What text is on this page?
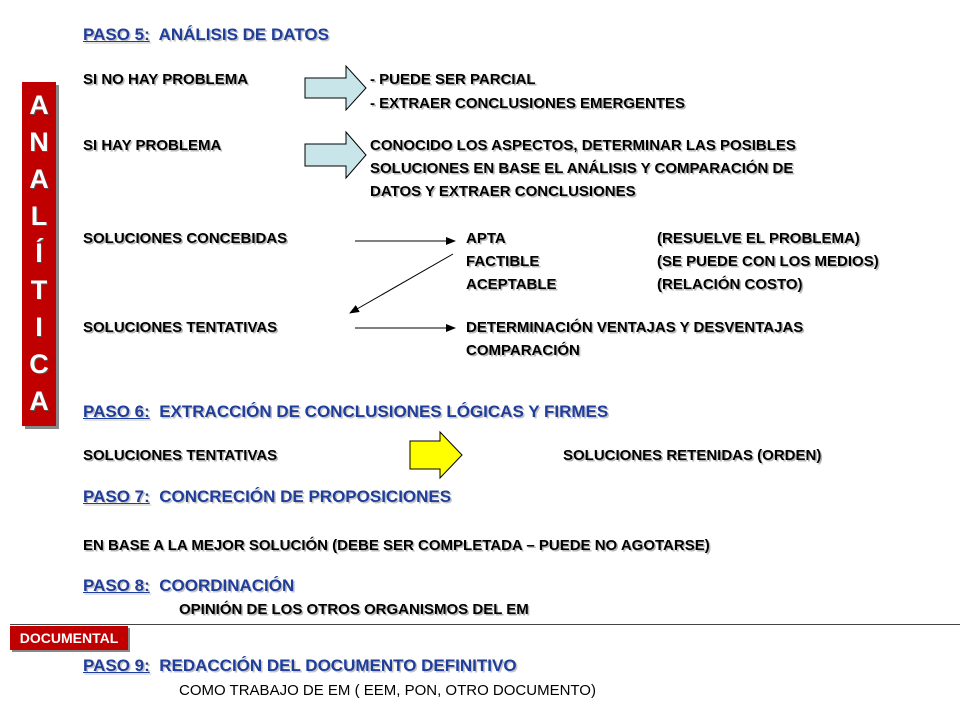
A
N
A
L
Í
T
I
C
A
PASO 5: ANÁLISIS DE DATOS
SI NO HAY PROBLEMA	- PUEDE SER PARCIAL
- EXTRAER CONCLUSIONES EMERGENTES
SI HAY PROBLEMA	CONOCIDO LOS ASPECTOS, DETERMINAR LAS POSIBLES
SOLUCIONES EN BASE EL ANÁLISIS Y COMPARACIÓN DE
DATOS Y EXTRAER CONCLUSIONES
SOLUCIONES CONCEBIDAS	APTA	(RESUELVE EL PROBLEMA)
FACTIBLE	(SE PUEDE CON LOS MEDIOS)
ACEPTABLE	(RELACIÓN COSTO)
SOLUCIONES TENTATIVAS	DETERMINACIÓN VENTAJAS Y DESVENTAJAS
COMPARACIÓN
PASO 6: EXTRACCIÓN DE CONCLUSIONES LÓGICAS Y FIRMES
SOLUCIONES TENTATIVAS	SOLUCIONES RETENIDAS (ORDEN)
PASO 7: CONCRECIÓN DE PROPOSICIONES
EN BASE A LA MEJOR SOLUCIÓN (DEBE SER COMPLETADA – PUEDE NO AGOTARSE)
PASO 8: COORDINACIÓN
OPINIÓN DE LOS OTROS ORGANISMOS DEL EM
DOCUMENTAL
PASO 9: REDACCIÓN DEL DOCUMENTO DEFINITIVO
COMO TRABAJO DE EM ( EEM, PON, OTRO DOCUMENTO)
